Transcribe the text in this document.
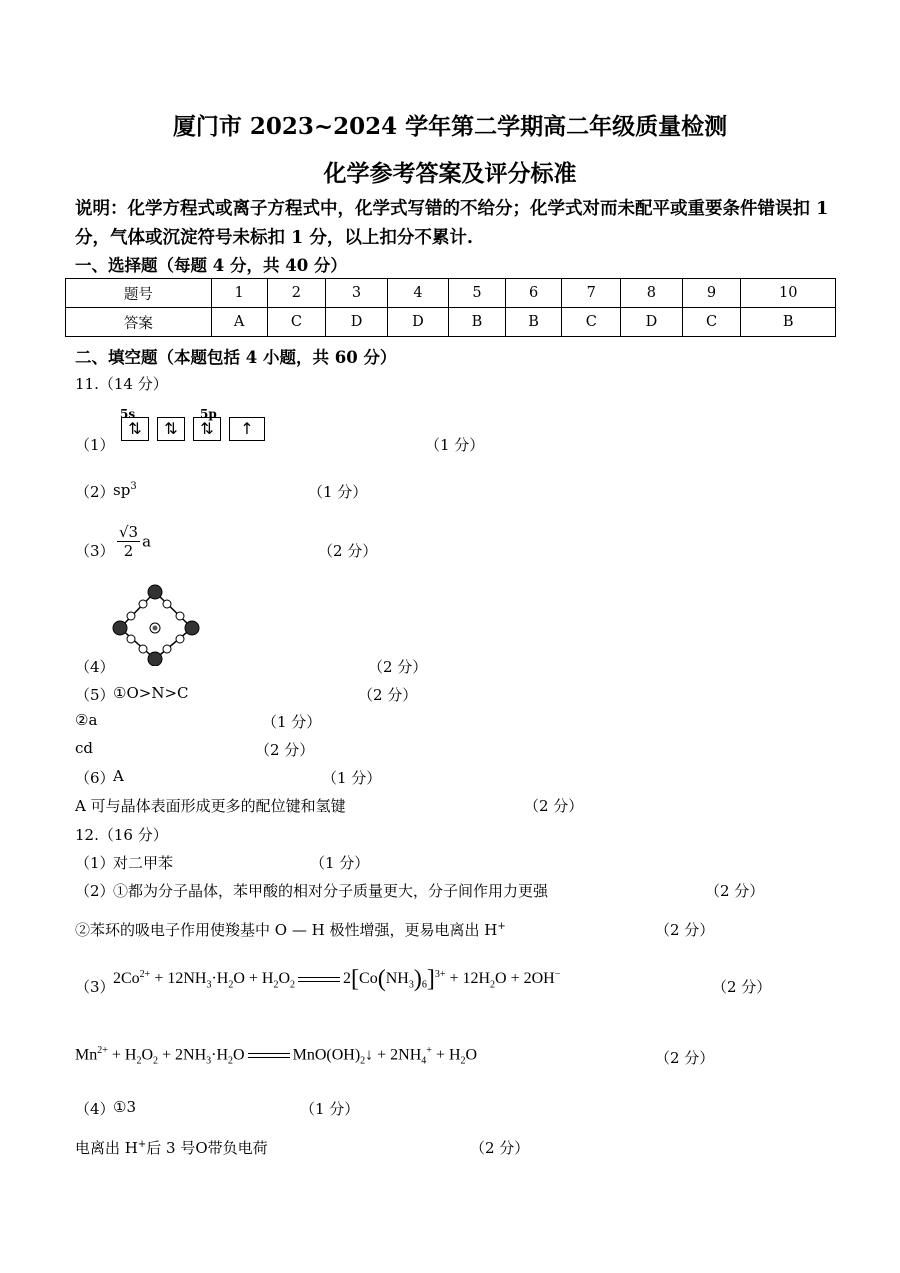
厦门市 2023~2024 学年第二学期高二年级质量检测
化学参考答案及评分标准
说明：化学方程式或离子方程式中，化学式写错的不给分；化学式对而未配平或重要条件错误扣 1 分，气体或沉淀符号未标扣 1 分，以上扣分不累计.
一、选择题（每题 4 分，共 40 分）
题号	1	2	3	4	5	6	7	8	9	10
答案	A	C	D	D	B	B	C	D	C	B
二、填空题（本题包括 4 小题，共 60 分）
11.（14 分）
（1）
5s	5p
⇅ ⇅ ⇅ ↑
（1 分）
（2）
$sp^3$	（1 分）
$(3) \frac{√3}{2}$ a
（2 分）
（4）	（2 分）
（5）
①O>N>C	（2 分）
②a	（1 分）
cd	（2 分）
（6）
A	（1 分）
A 可与晶体表面形成更多的配位键和氢键	（2 分）
12.（16 分）
（1）
对二甲苯	（1 分）
（2）
①都为分子晶体，苯甲酸的相对分子质量更大，分子间作用力更强	（2 分）
②苯环的吸电子作用使羧基中 O — H 极性增强，更易电离出 H+	（2 分）
（3）
$2Co^{2+} + 12NH_3\cdot H_2O + H_2O_2$	$2[Co(NH_3)_6]^{3+} + 12H_2O + 2OH^-$
（2 分）
$Mn^{2+} + H_2O_2 + 2NH_3\cdot H_2O$	$MnO(OH)_2↓ + 2NH_4^+ + H_2O$	（2 分）
（4）
①3	（1 分）
电离出 H+后 3 号O带负电荷	（2 分）
